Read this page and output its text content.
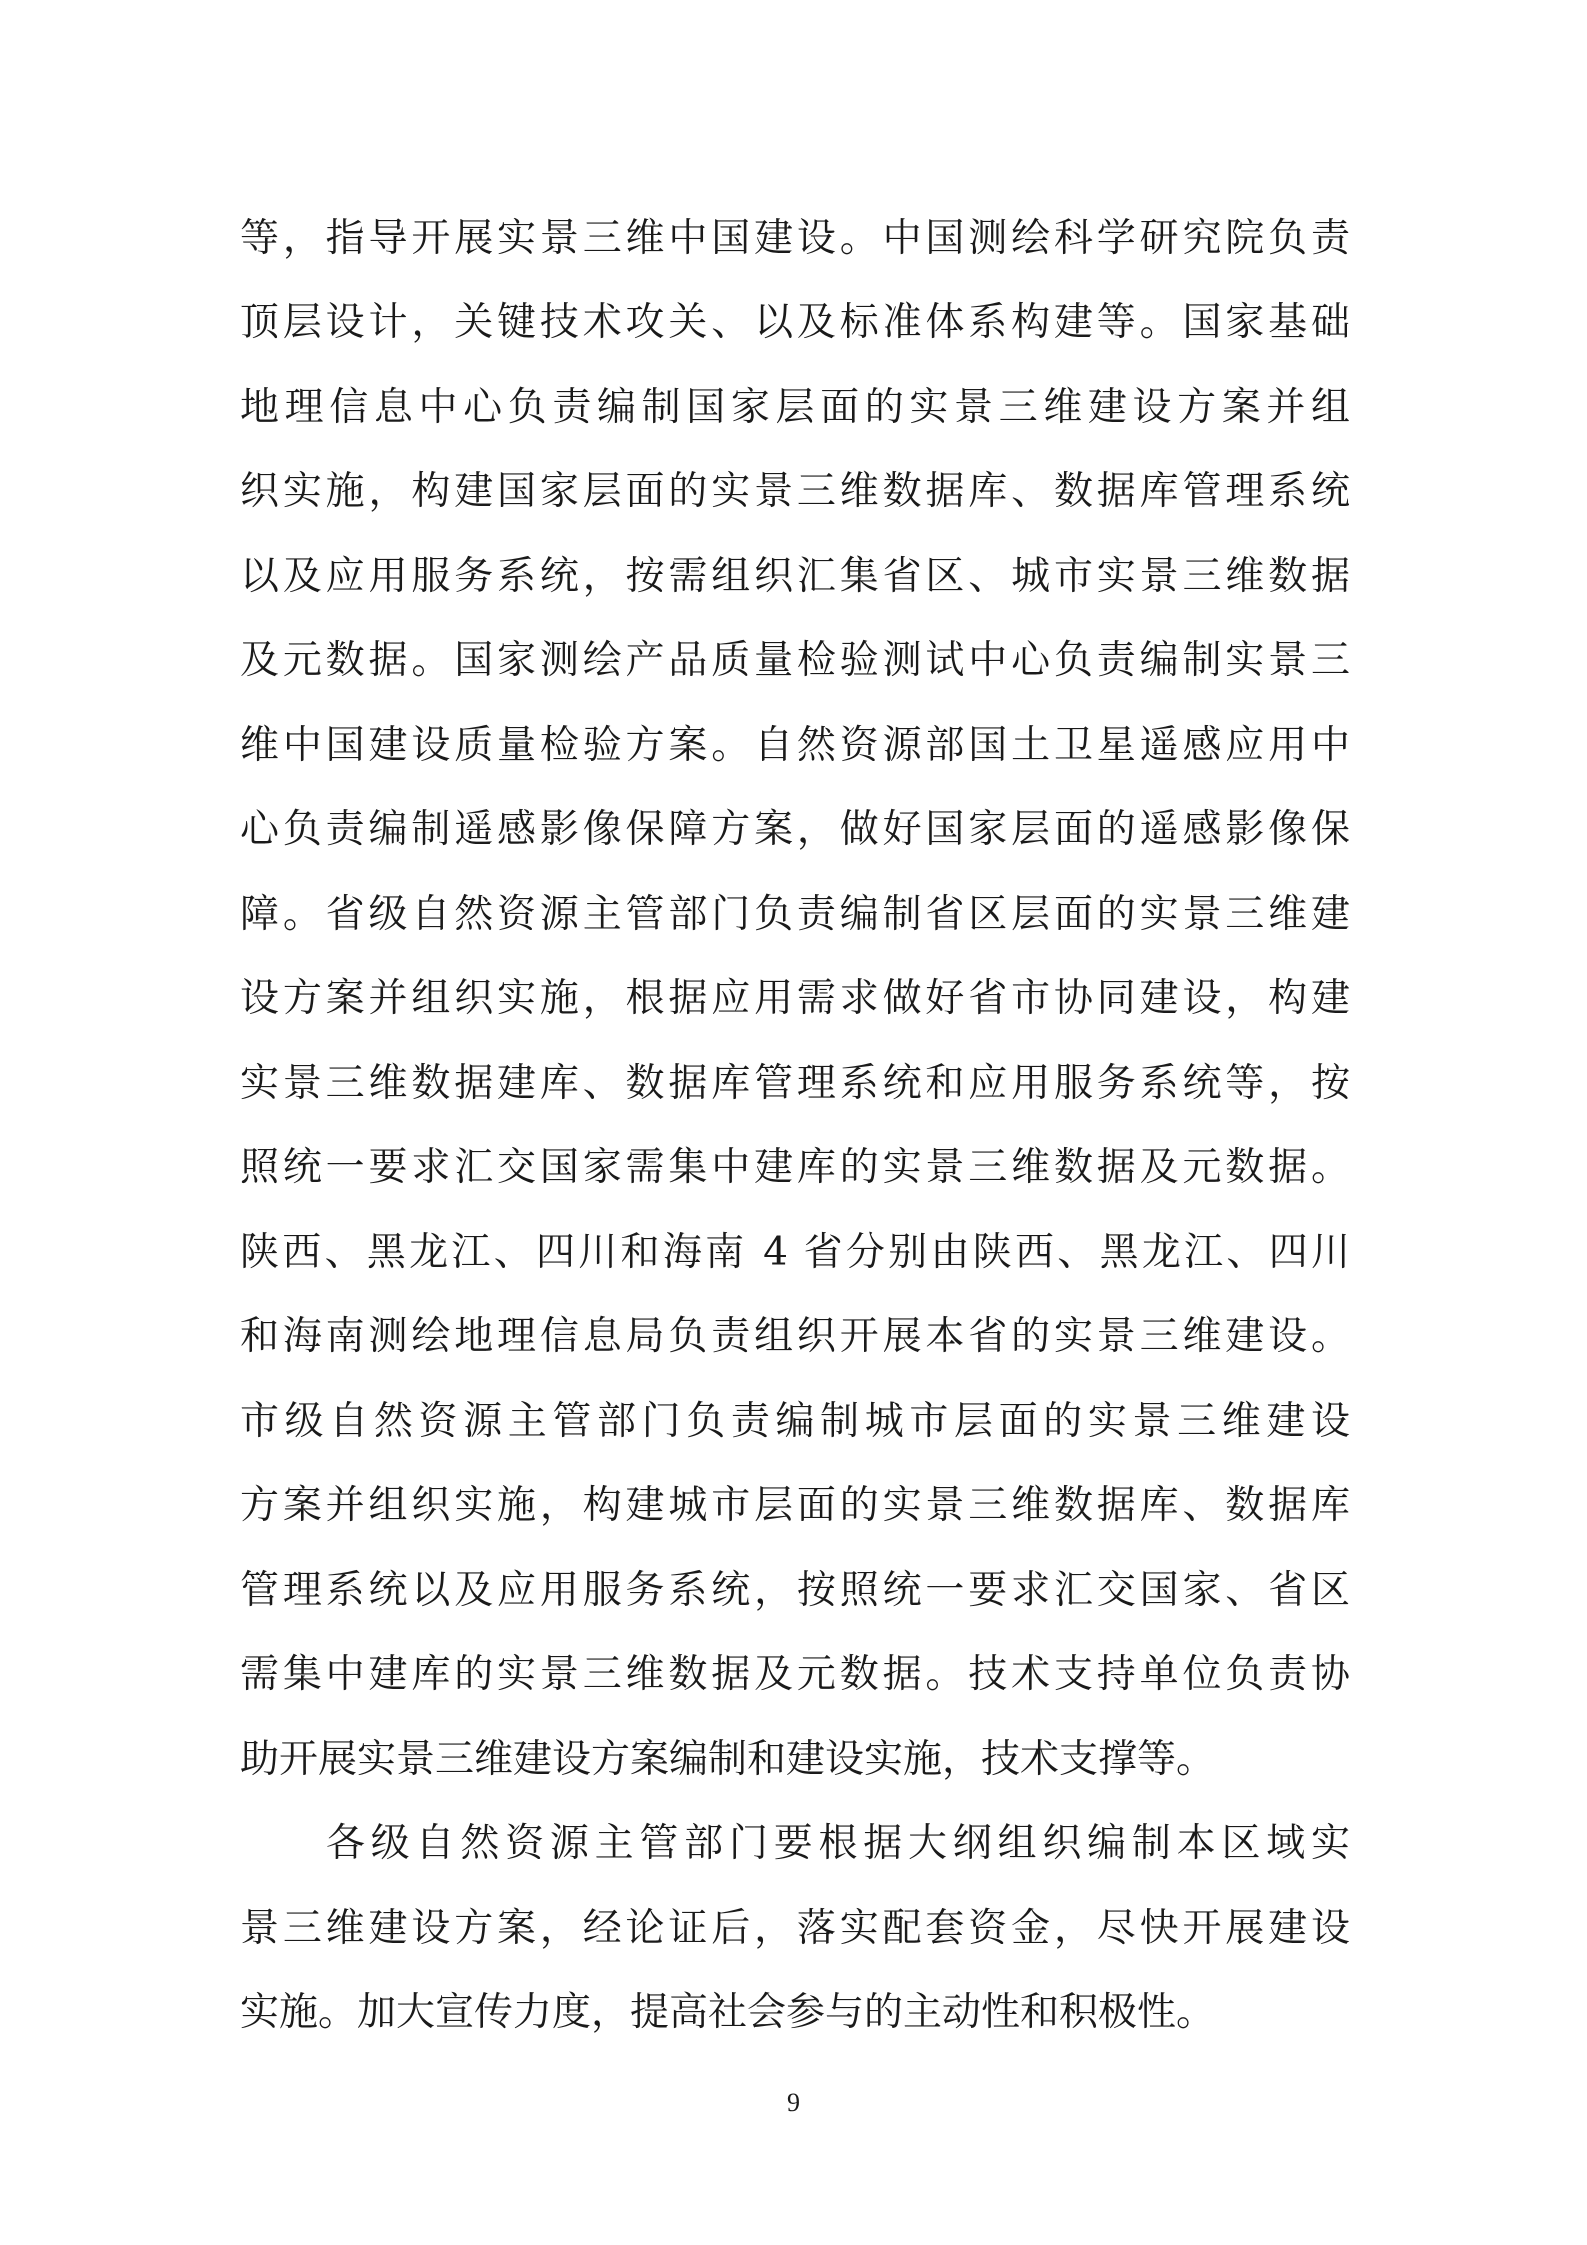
等，指导开展实景三维中国建设。中国测绘科学研究院负责
顶层设计，关键技术攻关、以及标准体系构建等。国家基础
地理信息中心负责编制国家层面的实景三维建设方案并组
织实施，构建国家层面的实景三维数据库、数据库管理系统
以及应用服务系统，按需组织汇集省区、城市实景三维数据
及元数据。国家测绘产品质量检验测试中心负责编制实景三
维中国建设质量检验方案。自然资源部国土卫星遥感应用中
心负责编制遥感影像保障方案，做好国家层面的遥感影像保
障。省级自然资源主管部门负责编制省区层面的实景三维建
设方案并组织实施，根据应用需求做好省市协同建设，构建
实景三维数据建库、数据库管理系统和应用服务系统等，按
照统一要求汇交国家需集中建库的实景三维数据及元数据。
陕西、黑龙江、四川和海南 4 省分别由陕西、黑龙江、四川
和海南测绘地理信息局负责组织开展本省的实景三维建设。
市级自然资源主管部门负责编制城市层面的实景三维建设
方案并组织实施，构建城市层面的实景三维数据库、数据库
管理系统以及应用服务系统，按照统一要求汇交国家、省区
需集中建库的实景三维数据及元数据。技术支持单位负责协
助开展实景三维建设方案编制和建设实施，技术支撑等。
各级自然资源主管部门要根据大纲组织编制本区域实
景三维建设方案，经论证后，落实配套资金，尽快开展建设
实施。加大宣传力度，提高社会参与的主动性和积极性。
9
